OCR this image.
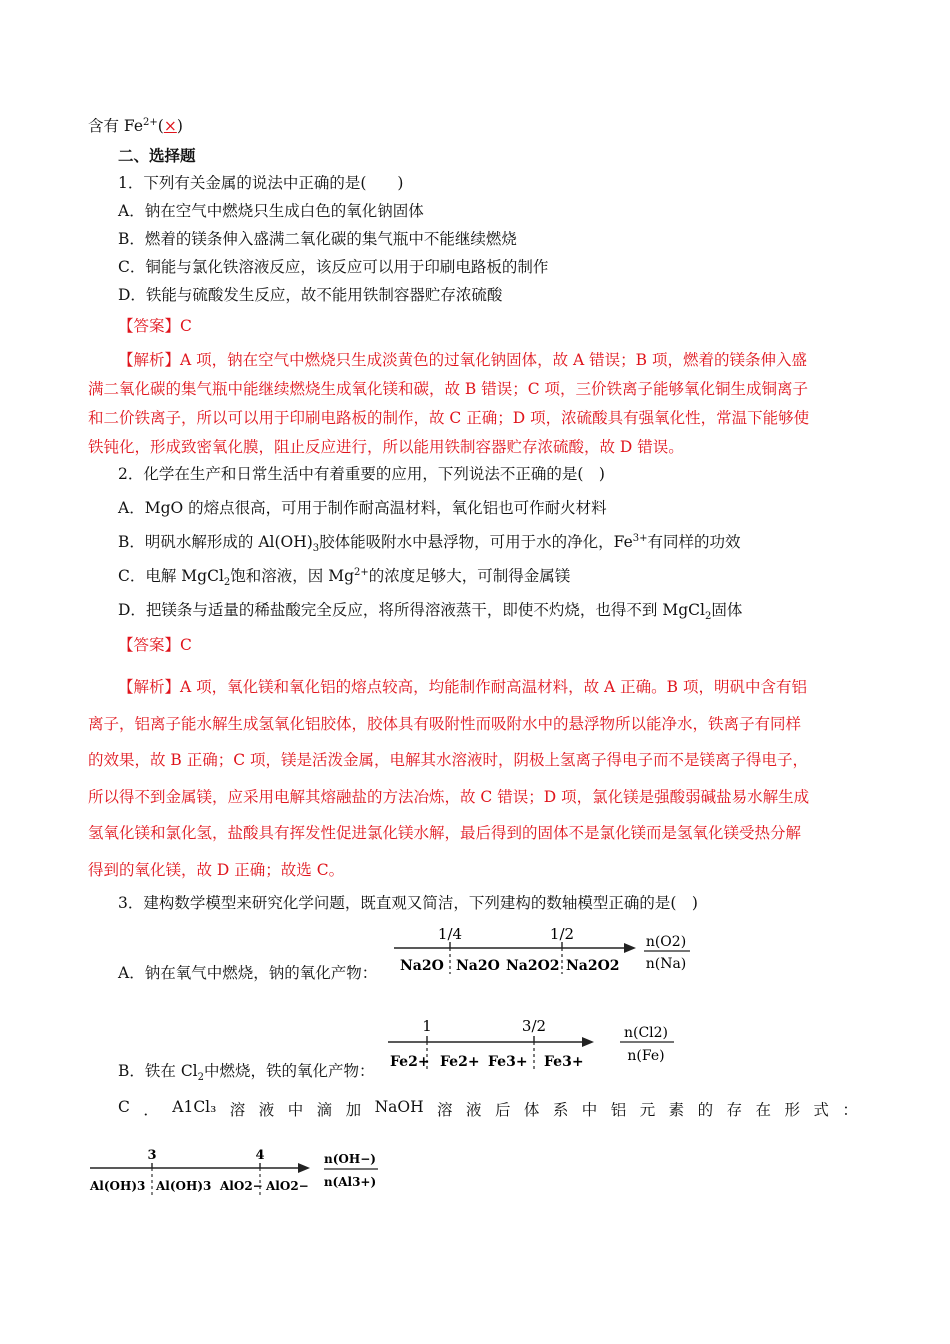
含有 $Fe^{2+}(\times)$
二、选择题
1．下列有关金属的说法中正确的是(　　)
A．钠在空气中燃烧只生成白色的氧化钠固体
B．燃着的镁条伸入盛满二氧化碳的集气瓶中不能继续燃烧
C．铜能与氯化铁溶液反应，该反应可以用于印刷电路板的制作
D．铁能与硫酸发生反应，故不能用铁制容器贮存浓硫酸
【答案】C
【解析】A 项，钠在空气中燃烧只生成淡黄色的过氧化钠固体，故 A 错误；B 项，燃着的镁条伸入盛
满二氧化碳的集气瓶中能继续燃烧生成氧化镁和碳，故 B 错误；C 项，三价铁离子能够氧化铜生成铜离子
和二价铁离子，所以可以用于印刷电路板的制作，故 C 正确；D 项，浓硫酸具有强氧化性，常温下能够使
铁钝化，形成致密氧化膜，阻止反应进行，所以能用铁制容器贮存浓硫酸，故 D 错误。
2．化学在生产和日常生活中有着重要的应用，下列说法不正确的是(　)
A．MgO 的熔点很高，可用于制作耐高温材料，氧化铝也可作耐火材料
B．明矾水解形成的 $Al(OH)_3$胶体能吸附水中悬浮物，可用于水的净化，$Fe^{3+}$有同样的功效
C．电解 MgCl$_2$饱和溶液，因 $Mg^{2+}$的浓度足够大，可制得金属镁
D．把镁条与适量的稀盐酸完全反应，将所得溶液蒸干，即使不灼烧，也得不到 MgCl$_2$固体
【答案】C
【解析】A 项，氧化镁和氧化铝的熔点较高，均能制作耐高温材料，故 A 正确。B 项，明矾中含有铝
离子，铝离子能水解生成氢氧化铝胶体，胶体具有吸附性而吸附水中的悬浮物所以能净水，铁离子有同样
的效果，故 B 正确；C 项，镁是活泼金属，电解其水溶液时，阴极上氢离子得电子而不是镁离子得电子，
所以得不到金属镁，应采用电解其熔融盐的方法冶炼，故 C 错误；D 项，氯化镁是强酸弱碱盐易水解生成
氢氧化镁和氯化氢，盐酸具有挥发性促进氯化镁水解，最后得到的固体不是氯化镁而是氢氧化镁受热分解
得到的氧化镁，故 D 正确；故选 C。
3．建构数学模型来研究化学问题，既直观又简洁，下列建构的数轴模型正确的是(　)
A．钠在氧气中燃烧，钠的氧化产物：
1/4	1/2
Na2O Na2O Na2O2 Na2O2
n(O2)
n(Na)
B．铁在 $Cl_2$中燃烧，铁的氧化产物：
1	3/2
Fe2+ Fe2+ Fe3+ Fe3+
n(Cl2)
n(Fe)
C ． A1Cl₃ 溶 液 中 滴 加 NaOH 溶 液 后 体 系 中 铝 元 素 的 存 在 形 式 ：
3	4
Al(OH)3 Al(OH)3 AlO2− AlO2−
n(OH−)
n(Al3+)
